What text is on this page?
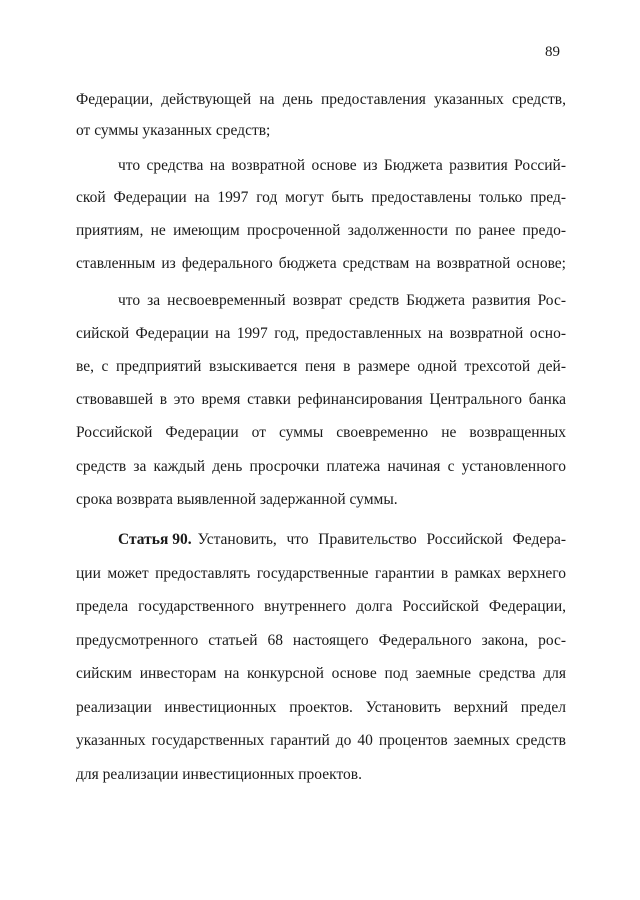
89
Федерации, действующей на день предоставления указанных средств,
от суммы указанных средств;
что средства на возвратной основе из Бюджета развития Россий-
ской Федерации на 1997 год могут быть предоставлены только пред-
приятиям, не имеющим просроченной задолженности по ранее предо-
ставленным из федерального бюджета средствам на возвратной основе;
что за несвоевременный возврат средств Бюджета развития Рос-
сийской Федерации на 1997 год, предоставленных на возвратной осно-
ве, с предприятий взыскивается пеня в размере одной трехсотой дей-
ствовавшей в это время ставки рефинансирования Центрального банка
Российской Федерации от суммы своевременно не возвращенных
средств за каждый день просрочки платежа начиная с установленного
срока возврата выявленной задержанной суммы.
Статья 90. Установить, что Правительство Российской Федера-
ции может предоставлять государственные гарантии в рамках верхнего
предела государственного внутреннего долга Российской Федерации,
предусмотренного статьей 68 настоящего Федерального закона, рос-
сийским инвесторам на конкурсной основе под заемные средства для
реализации инвестиционных проектов. Установить верхний предел
указанных государственных гарантий до 40 процентов заемных средств
для реализации инвестиционных проектов.
